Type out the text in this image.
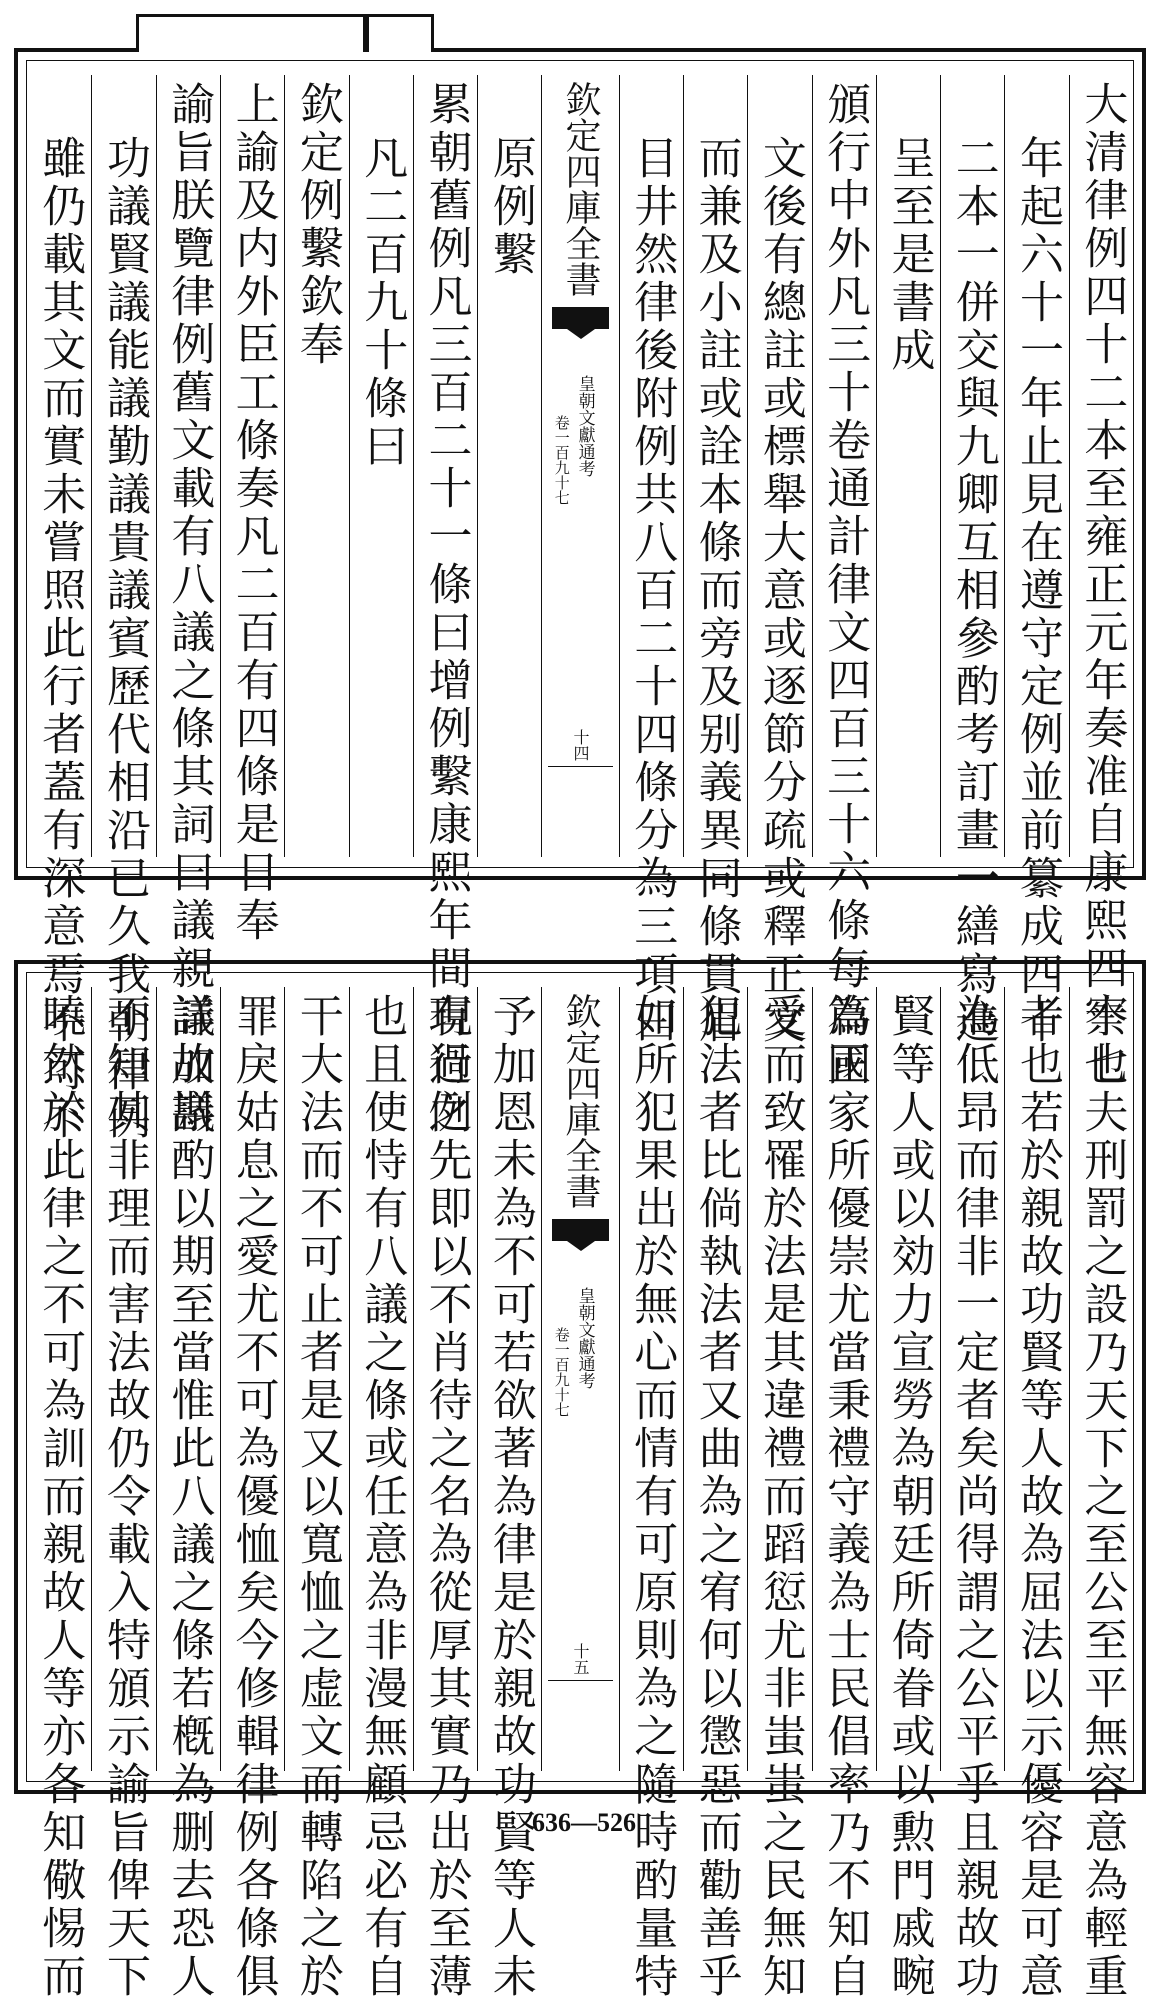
大清律例四十二本至雍正元年奏准自康熙四十七
年起六十一年止見在遵守定例並前纂成四十
二本一併交與九卿互相參酌考訂畫一繕寫進
呈至是書成
頒行中外凡三十卷通計律文四百三十六條每篇正
文後有總註或標舉大意或逐節分疏或釋正文
而兼及小註或詮本條而旁及别義異同條貫眉
目井然律後附例共八百二十四條分為三項曰
欽定四庫全書
皇朝文獻通考
卷一百九十七
十四
原例繫
累朝舊例凡三百二十一條曰增例繫康熙年間現行例
凡二百九十條曰
欽定例繫欽奉
上諭及内外臣工條奏凡二百有四條是日奉
諭旨朕覽律例舊文載有八議之條其詞曰議親議故議
功議賢議能議勤議貴議賓歷代相沿已久我朝律例
雖仍載其文而實未嘗照此行者蓋有深意焉不可不
察也夫刑罰之設乃天下之至公至平無容意為輕重
者也若於親故功賢等人故為屈法以示優容是可意
為低昻而律非一定者矣尚得謂之公平乎且親故功
賢等人或以効力宣勞為朝廷所倚眷或以勲門戚畹
為國家所優崇尤當秉禮守義為士民倡率乃不知自
愛而致罹於法是其違禮而蹈愆尤非蚩蚩之民無知
犯法者比倘執法者又曲為之宥何以懲惡而勸善乎
如所犯果出於無心而情有可原則為之隨時酌量特
欽定四庫全書
皇朝文獻通考
卷一百九十七
十五
予加恩未為不可若欲著為律是於親故功賢等人未
有過之先即以不肖待之名為從厚其實乃出於至薄
也且使恃有八議之條或任意為非漫無顧忌必有自
干大法而不可止者是又以寬恤之虚文而轉陷之於
罪戾姑息之愛尤不可為優恤矣今修輯律例各條俱
詳加斟酌以期至當惟此八議之條若槪為删去恐人
不知其非理而害法故仍令載入特頒示諭旨俾天下
曉然於此律之不可為訓而親故人等亦各知儆惕而	636—526
